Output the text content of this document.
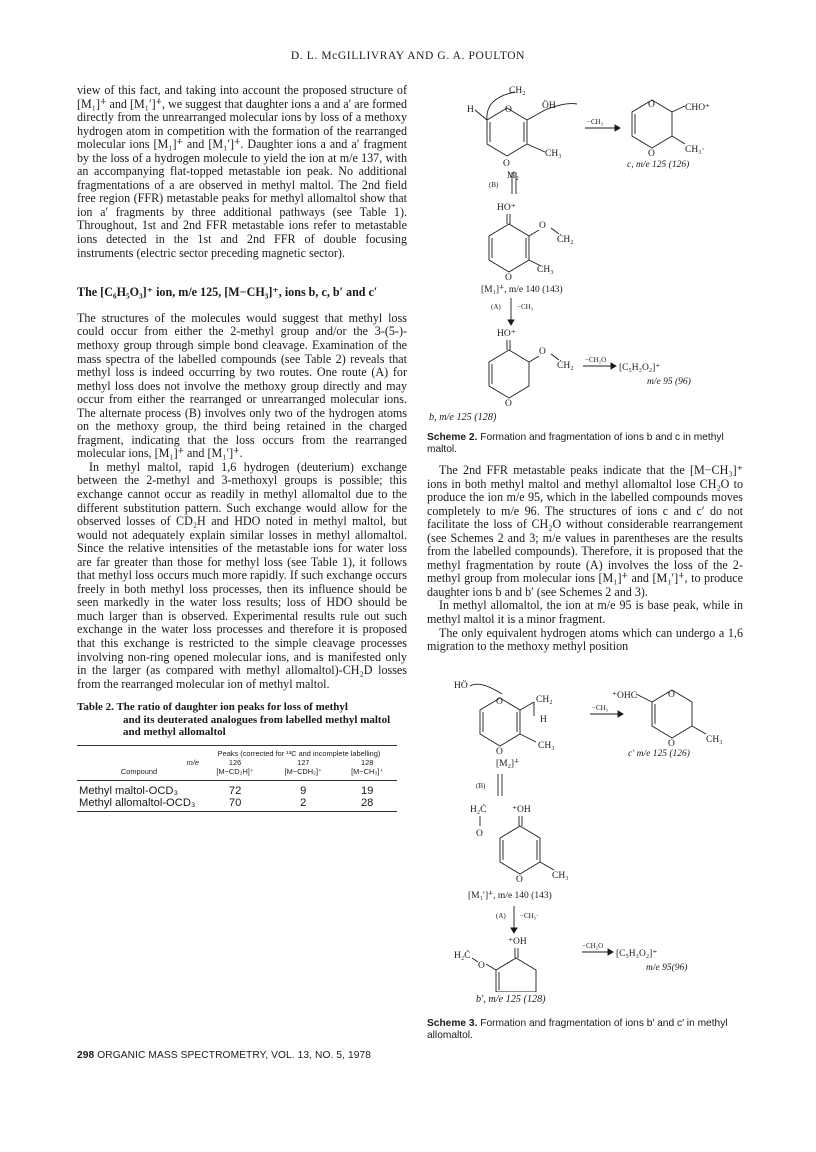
D. L. McGILLIVRAY AND G. A. POULTON

view of this fact, and taking into account the proposed structure of [M₁]⁺̇ and [M₁′]⁺̇, we suggest that daughter ions a and a′ are formed directly from the unrearranged molecular ions by loss of a methoxy hydrogen atom in competition with the formation of the rearranged molecular ions [M₁]⁺̇ and [M₁′]⁺̇. Daughter ions a and a′ fragment by the loss of a hydrogen molecule to yield the ion at m/e 137, with an accompanying flat-topped metastable ion peak. No additional fragmentations of a are observed in methyl maltol. The 2nd field free region (FFR) metastable peaks for methyl allomaltol show that ion a′ fragments by three additional pathways (see Table 1). Throughout, 1st and 2nd FFR metastable ions refer to metastable ions detected in the 1st and 2nd FFR of double focusing instruments (electric sector preceding magnetic sector).

The [C₆H₅O₃]⁺ ion, m/e 125, [M−CH₃]⁺, ions b, c, b′ and c′

The structures of the molecules would suggest that methyl loss could occur from either the 2-methyl group and/or the 3-(5-)-methoxy group through simple bond cleavage. Examination of the mass spectra of the labelled compounds (see Table 2) reveals that methyl loss is indeed occurring by two routes. One route (A) for methyl loss does not involve the methoxy group directly and may occur from either the rearranged or unrearranged molecular ions. The alternate process (B) involves only two of the hydrogen atoms on the methoxy group, the third being retained in the charged fragment, indicating that the loss occurs from the rearranged molecular ions, [M₁]⁺̇ and [M₁′]⁺̇.

In methyl maltol, rapid 1,6 hydrogen (deuterium) exchange between the 2-methyl and 3-methoxyl groups is possible; this exchange cannot occur as readily in methyl allomaltol due to the different substitution pattern. Such exchange would allow for the observed losses of CD₂H and HDO noted in methyl maltol, but would not adequately explain similar losses in methyl allomaltol. Since the relative intensities of the metastable ions for water loss are far greater than those for methyl loss (see Table 1), it follows that methyl loss occurs much more rapidly. If such exchange occurs freely in both methyl loss processes, then its influence should be seen markedly in the water loss results; loss of HDO should be much larger than is observed. Experimental results rule out such exchange in the water loss processes and therefore it is proposed that this exchange is restricted to the simple cleavage processes involving non-ring opened molecular ions, and is manifested only in the larger (as compared with methyl allomaltol)-CH₂D losses from the rearranged molecular ion of methyl maltol.

Table 2. The ratio of daughter ion peaks for loss of methyl
and its deuterated analogues from labelled methyl maltol and methyl allomaltol
	Peaks (corrected for ¹³C and incomplete labelling)		
m/e	126	127	128
Compound	[M−CD₂H]⁺	[M−CDH₂]⁺	[M−CH₃]⁺
Methyl maltol-OCD₃	72	9	19
Methyl allomaltol-OCD₃	70	2	28
CH₂
H	O	ÖH
CH₃
O
M₂
−CH₃
O
O
CHO⁺
CH₃·
c, m/e 125 (126)
(B)
HO⁺
O
ĊH₂
CH₃
O
[M₁]⁺̇, m/e 140 (143)
(A) −CH₃
HO⁺
O
ĊH₂
O
−CH₂O
[C₅H₃O₂]⁺
m/e 95 (96)
b, m/e 125 (128)
Scheme 2. Formation and fragmentation of ions b and c in methyl maltol.

The 2nd FFR metastable peaks indicate that the [M−CH₃]⁺ ions in both methyl maltol and methyl allomaltol lose CH₂O to produce the ion m/e 95, which in the labelled compounds moves completely to m/e 96. The structures of ions c and c′ do not facilitate the loss of CH₂O without considerable rearrangement (see Schemes 2 and 3; m/e values in parentheses are the results from the labelled compounds). Therefore, it is proposed that the methyl fragmentation by route (A) involves the loss of the 2-methyl group from molecular ions [M₁]⁺̇ and [M₁′]⁺̇, to produce daughter ions b and b′ (see Schemes 2 and 3).

In methyl allomaltol, the ion at m/e 95 is base peak, while in methyl maltol it is a minor fragment.

The only equivalent hydrogen atoms which can undergo a 1,6 migration to the methoxy methyl position

HÖ
O	CH₂
H
CH₃
O
[M₂]⁺̇
−CH₃
⁺OHC	O
O	CH₃
c′ m/e 125 (126)
(B)
H₂Ċ	⁺OH
O
CH₃
O
[M₁′]⁺̇, m/e 140 (143)
(A) −CH₃·
⁺OH
H₂Ċ
O
−CH₂O
[C₅H₃O₂]⁺
m/e 95(96)
b′, m/e 125 (128)
Scheme 3. Formation and fragmentation of ions b′ and c′ in methyl allomaltol.
298 ORGANIC MASS SPECTROMETRY, VOL. 13, NO. 5, 1978
